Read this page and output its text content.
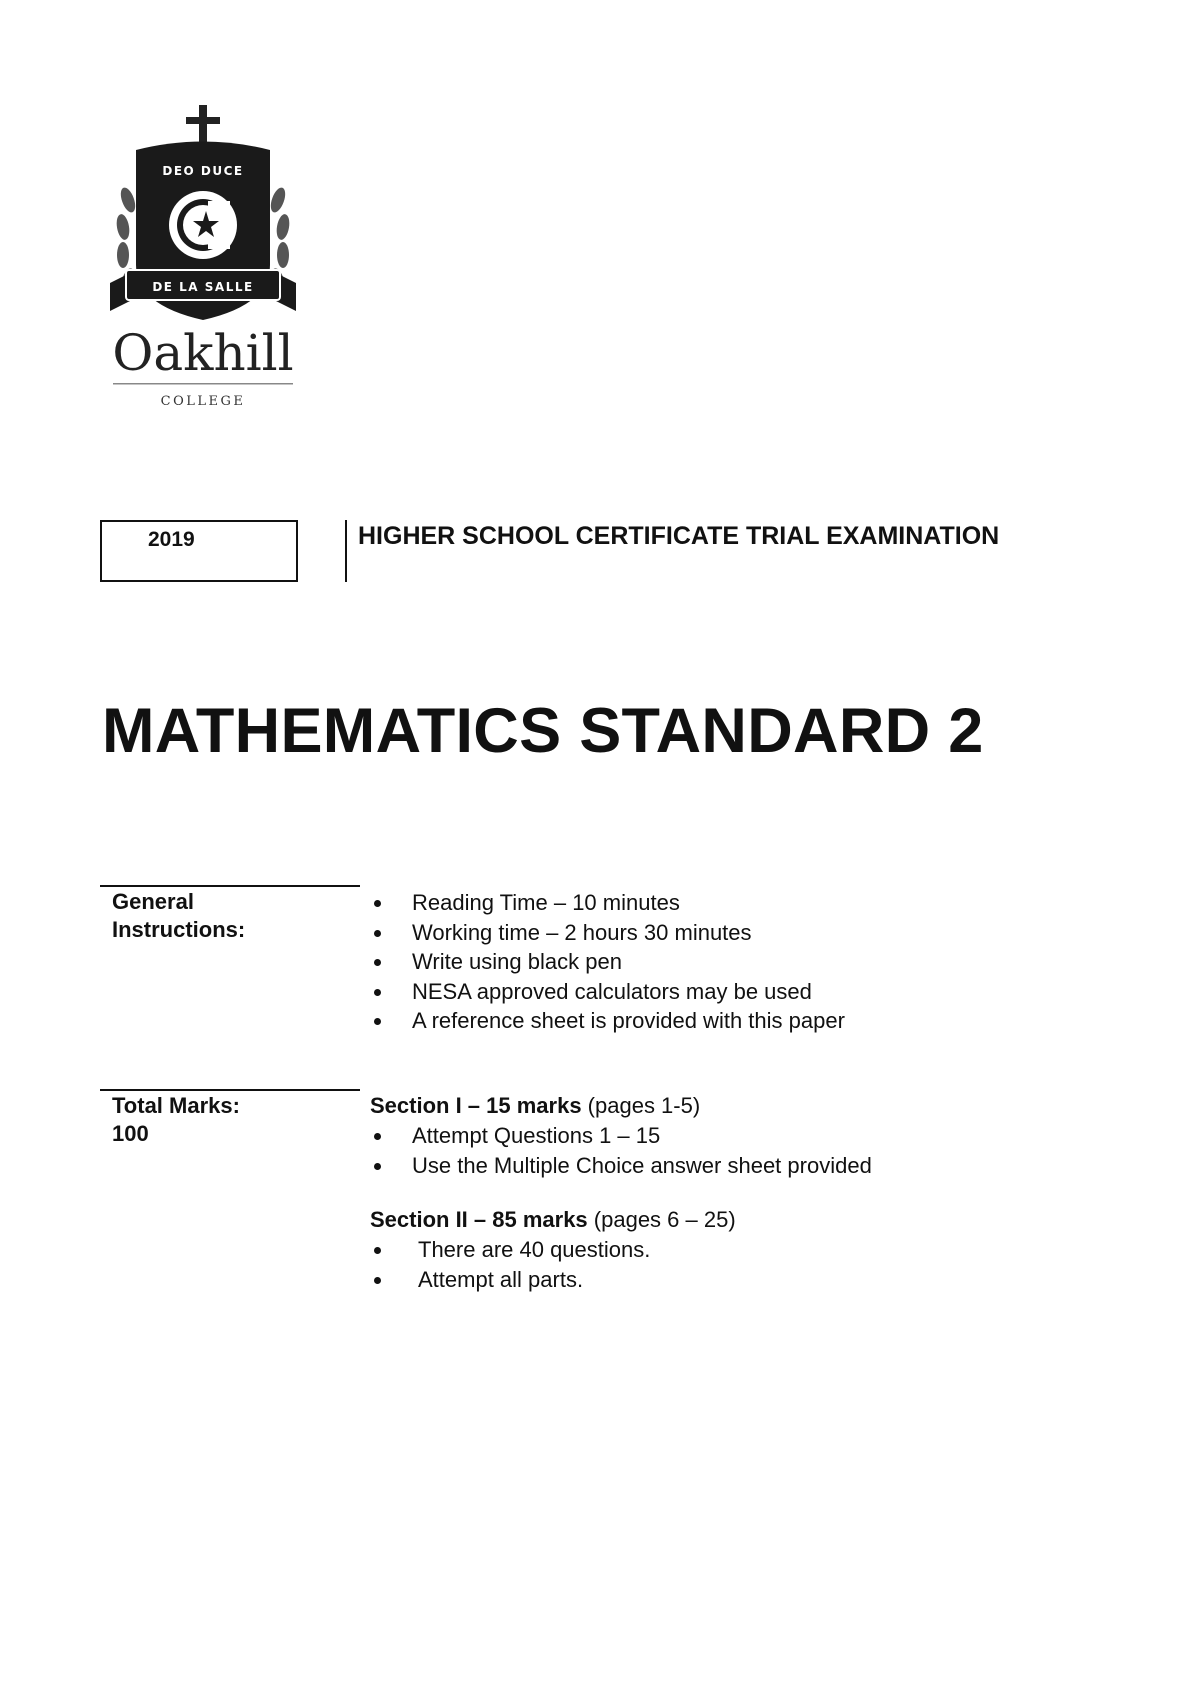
DEO DUCE
DE LA SALLE
Oakhill
COLLEGE
2019	HIGHER SCHOOL CERTIFICATE TRIAL EXAMINATION
MATHEMATICS STANDARD 2
General
Instructions:
Reading Time – 10 minutes
Working time – 2 hours 30 minutes
Write using black pen
NESA approved calculators may be used
A reference sheet is provided with this paper
Total Marks:
100
Section I – 15 marks (pages 1-5)
Attempt Questions 1 – 15
Use the Multiple Choice answer sheet provided
Section II – 85 marks (pages 6 – 25)
There are 40 questions.
Attempt all parts.
